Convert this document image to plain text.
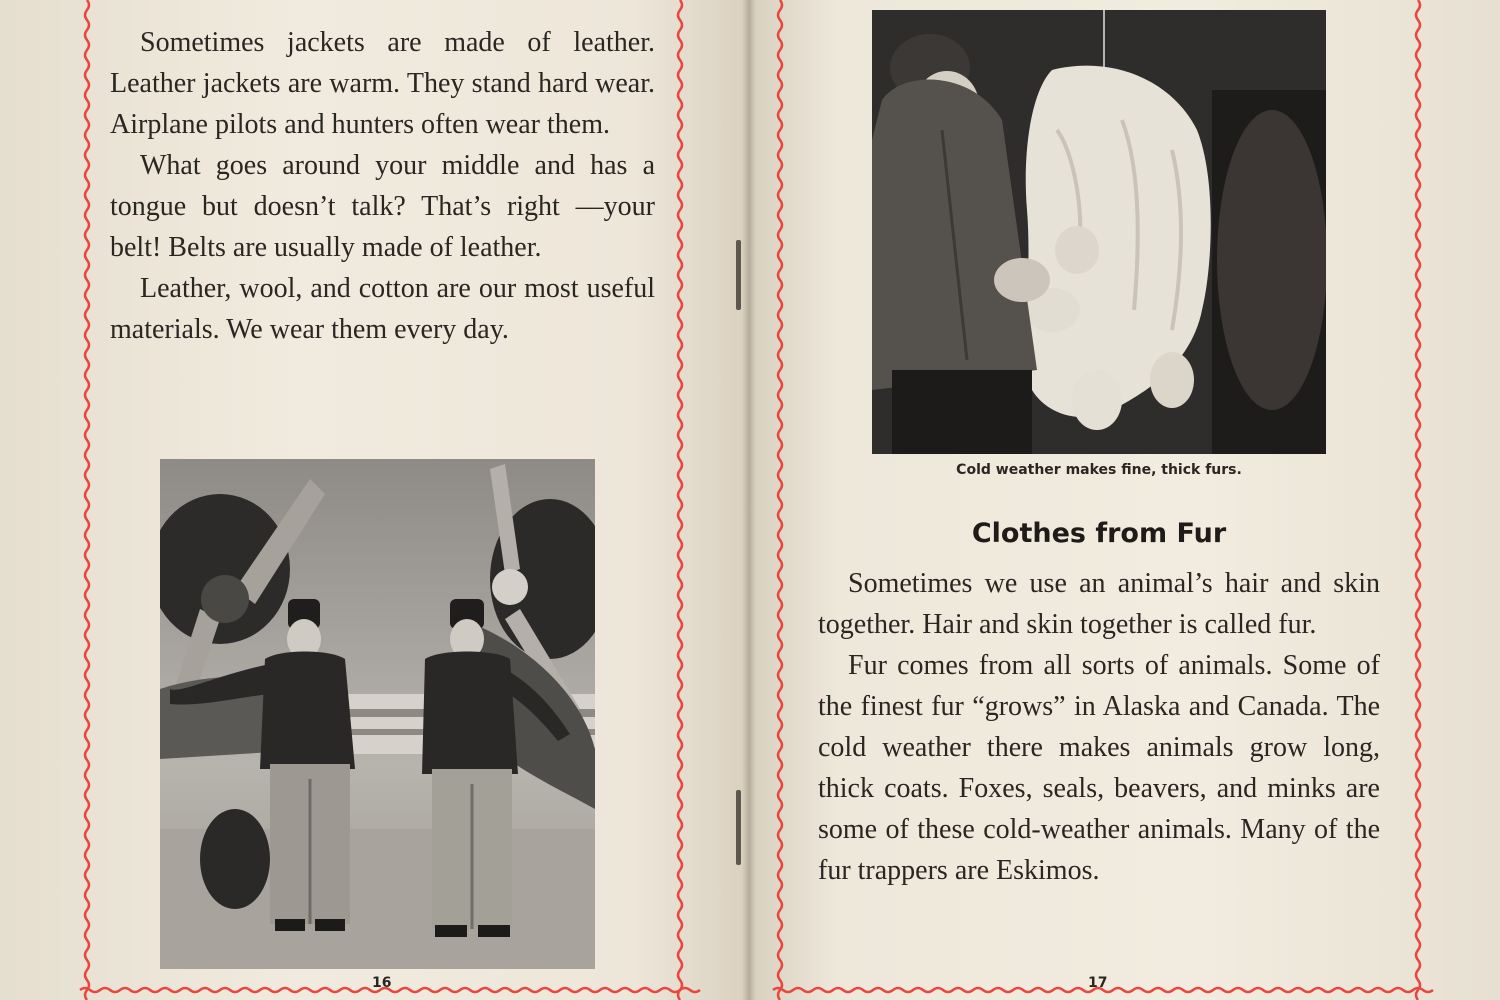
Sometimes jackets are made of leather. Leather jackets are warm. They stand hard wear. Airplane pilots and hunters often wear them.

What goes around your middle and has a tongue but doesn’t talk? That’s right —your belt! Belts are usually made of leather.

Leather, wool, and cotton are our most useful materials. We wear them every day.

16
Cold weather makes fine, thick furs.
Clothes from Fur

Sometimes we use an animal’s hair and skin together. Hair and skin together is called fur.

Fur comes from all sorts of animals. Some of the finest fur “grows” in Alaska and Canada. The cold weather there makes animals grow long, thick coats. Foxes, seals, beavers, and minks are some of these cold-weather animals. Many of the fur trappers are Eskimos.

17
